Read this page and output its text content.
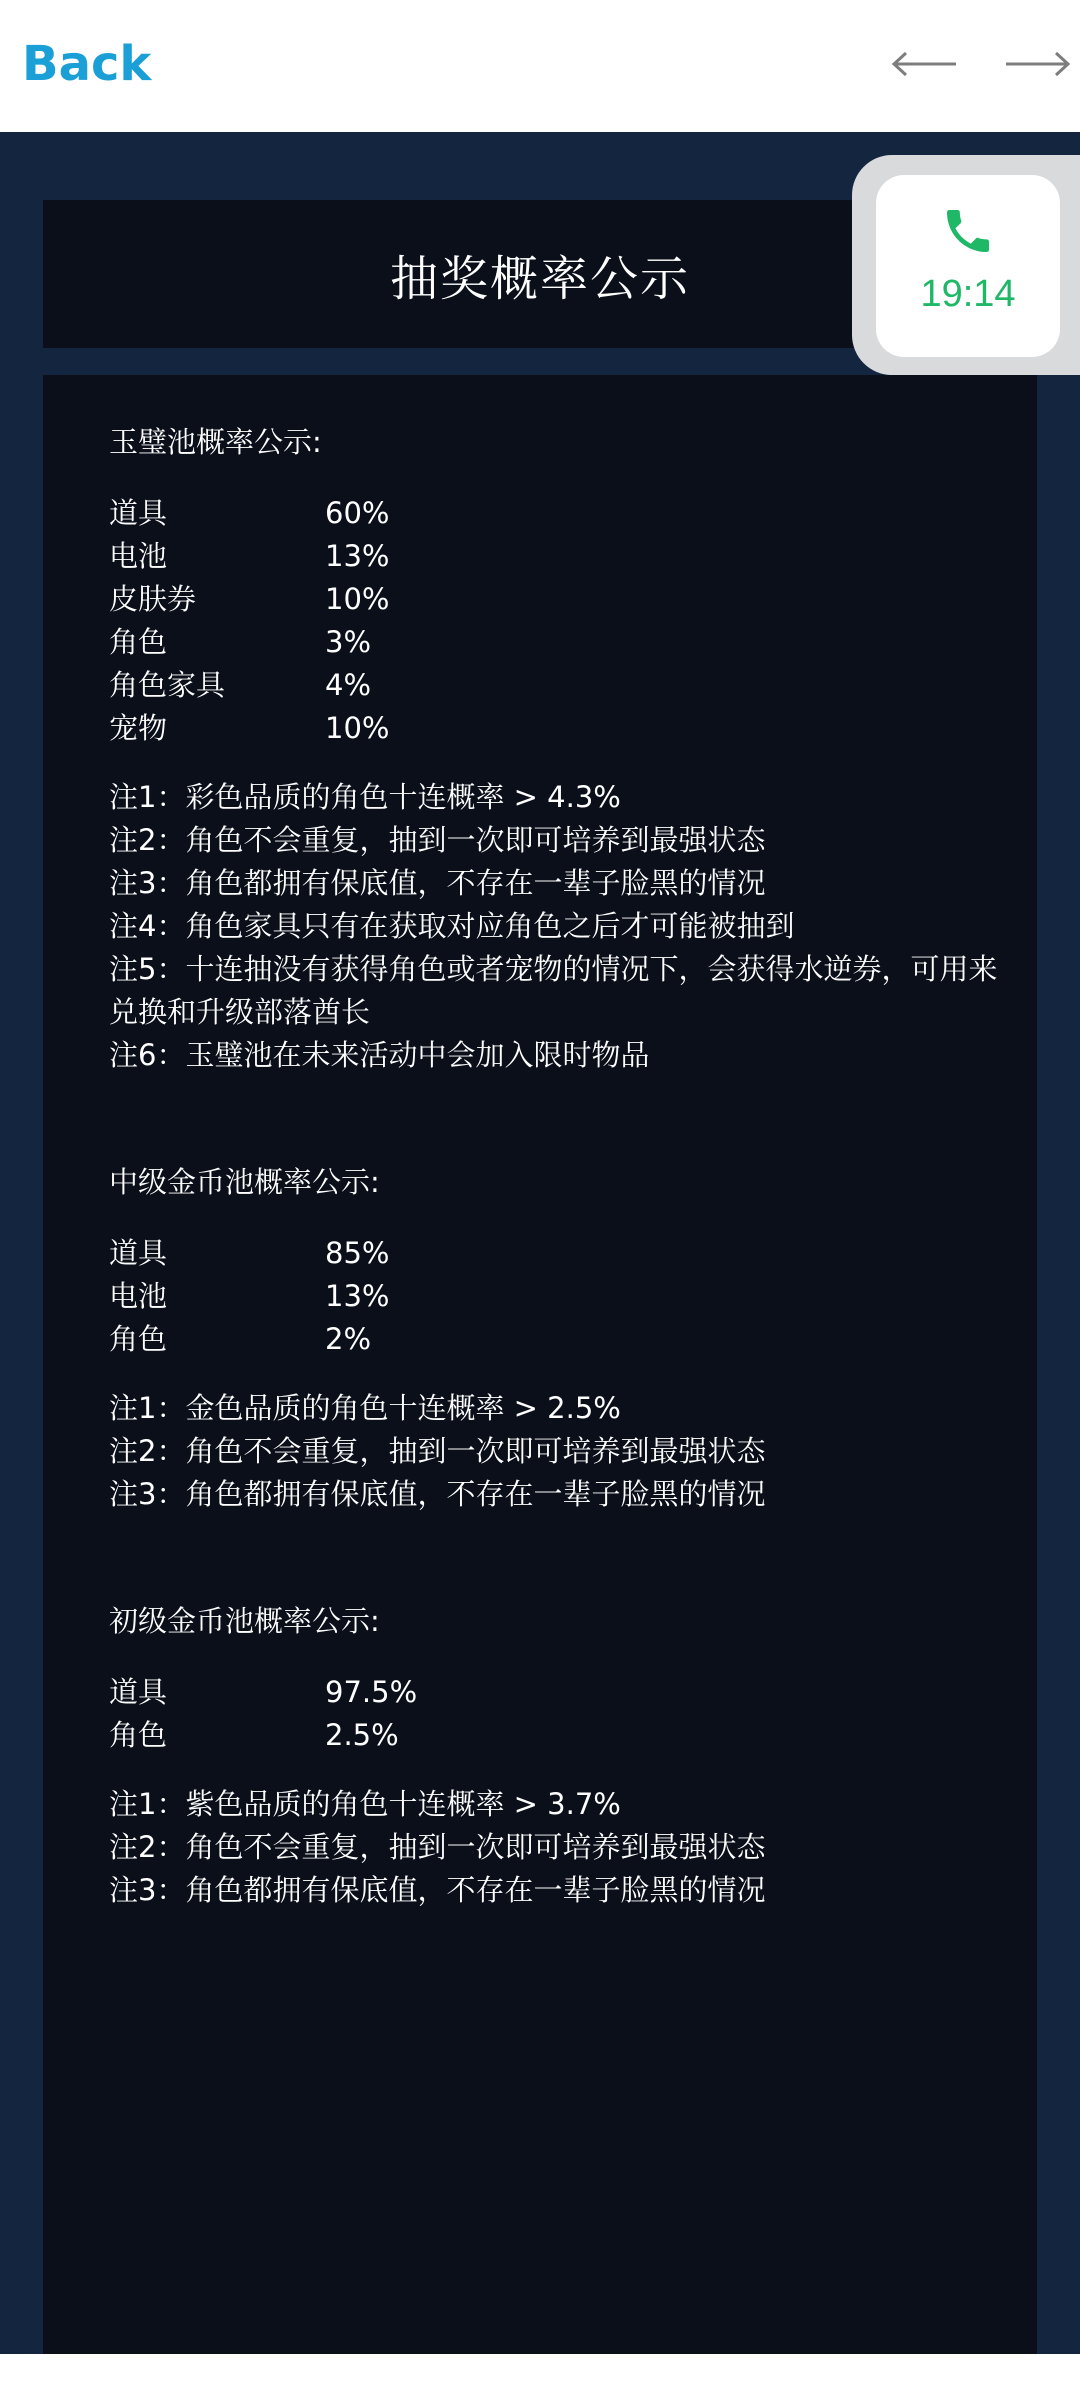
Back
抽奖概率公示
玉璧池概率公示:
道具	60%
电池	13%
皮肤券	10%
角色	3%
角色家具	4%
宠物	10%
注1：彩色品质的角色十连概率 > 4.3%
注2：角色不会重复，抽到一次即可培养到最强状态
注3：角色都拥有保底值，不存在一辈子脸黑的情况
注4：角色家具只有在获取对应角色之后才可能被抽到
注5：十连抽没有获得角色或者宠物的情况下，会获得水逆券，可用来兑换和升级部落酋长
注6：玉璧池在未来活动中会加入限时物品
中级金币池概率公示:
道具	85%
电池	13%
角色	2%
注1：金色品质的角色十连概率 > 2.5%
注2：角色不会重复，抽到一次即可培养到最强状态
注3：角色都拥有保底值，不存在一辈子脸黑的情况
初级金币池概率公示:
道具	97.5%
角色	2.5%
注1：紫色品质的角色十连概率 > 3.7%
注2：角色不会重复，抽到一次即可培养到最强状态
注3：角色都拥有保底值，不存在一辈子脸黑的情况
19:14
